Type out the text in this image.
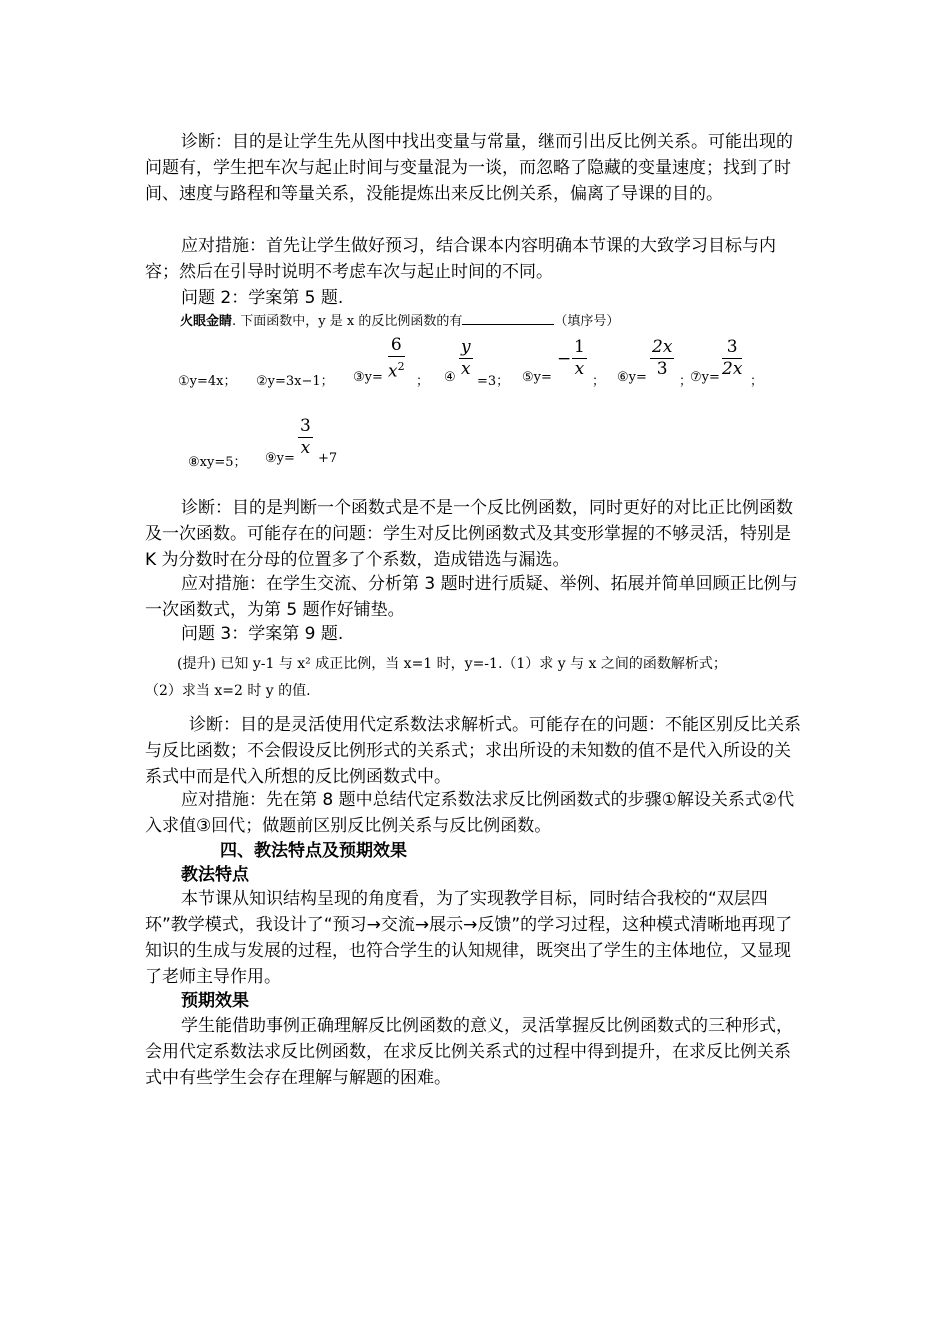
诊断：目的是让学生先从图中找出变量与常量，继而引出反比例关系。可能出现的问题有，学生把车次与起止时间与变量混为一谈，而忽略了隐藏的变量速度；找到了时间、速度与路程和等量关系，没能提炼出来反比例关系，偏离了导课的目的。

应对措施：首先让学生做好预习，结合课本内容明确本节课的大致学习目标与内容；然后在引导时说明不考虑车次与起止时间的不同。

问题 2：学案第 5 题.

火眼金睛. 下面函数中，y 是 x 的反比例函数的有	（填序号）
①y=4x； ②y=3x−1； ③y= $\frac{6}{x^2}$ ； ④ $\frac{y}{x}$
=3； ⑤y=
− $\frac{1}{x}$
； ⑥y= $\frac{2x}{3}$
；
⑦y= $\frac{3}{2x}$
；
⑧xy=5； ⑨y=
$\frac{3}{x}$
+7

诊断：目的是判断一个函数式是不是一个反比例函数，同时更好的对比正比例函数及一次函数。可能存在的问题：学生对反比例函数式及其变形掌握的不够灵活，特别是 K 为分数时在分母的位置多了个系数，造成错选与漏选。

应对措施：在学生交流、分析第 3 题时进行质疑、举例、拓展并简单回顾正比例与一次函数式，为第 5 题作好铺垫。

问题 3：学案第 9 题.

(提升) 已知 y-1 与 x² 成正比例，当 x=1 时，y=-1.（1）求 y 与 x 之间的函数解析式；
（2）求当 x=2 时 y 的值.

诊断：目的是灵活使用代定系数法求解析式。可能存在的问题：不能区别反比关系与反比函数；不会假设反比例形式的关系式；求出所设的未知数的值不是代入所设的关系式中而是代入所想的反比例函数式中。

应对措施：先在第 8 题中总结代定系数法求反比例函数式的步骤①解设关系式②代入求值③回代；做题前区别反比例关系与反比例函数。

四、教法特点及预期效果

教法特点

本节课从知识结构呈现的角度看，为了实现教学目标，同时结合我校的“双层四环”教学模式，我设计了“预习→交流→展示→反馈”的学习过程，这种模式清晰地再现了知识的生成与发展的过程，也符合学生的认知规律，既突出了学生的主体地位，又显现了老师主导作用。

预期效果

学生能借助事例正确理解反比例函数的意义，灵活掌握反比例函数式的三种形式，会用代定系数法求反比例函数，在求反比例关系式的过程中得到提升，在求反比例关系式中有些学生会存在理解与解题的困难。
